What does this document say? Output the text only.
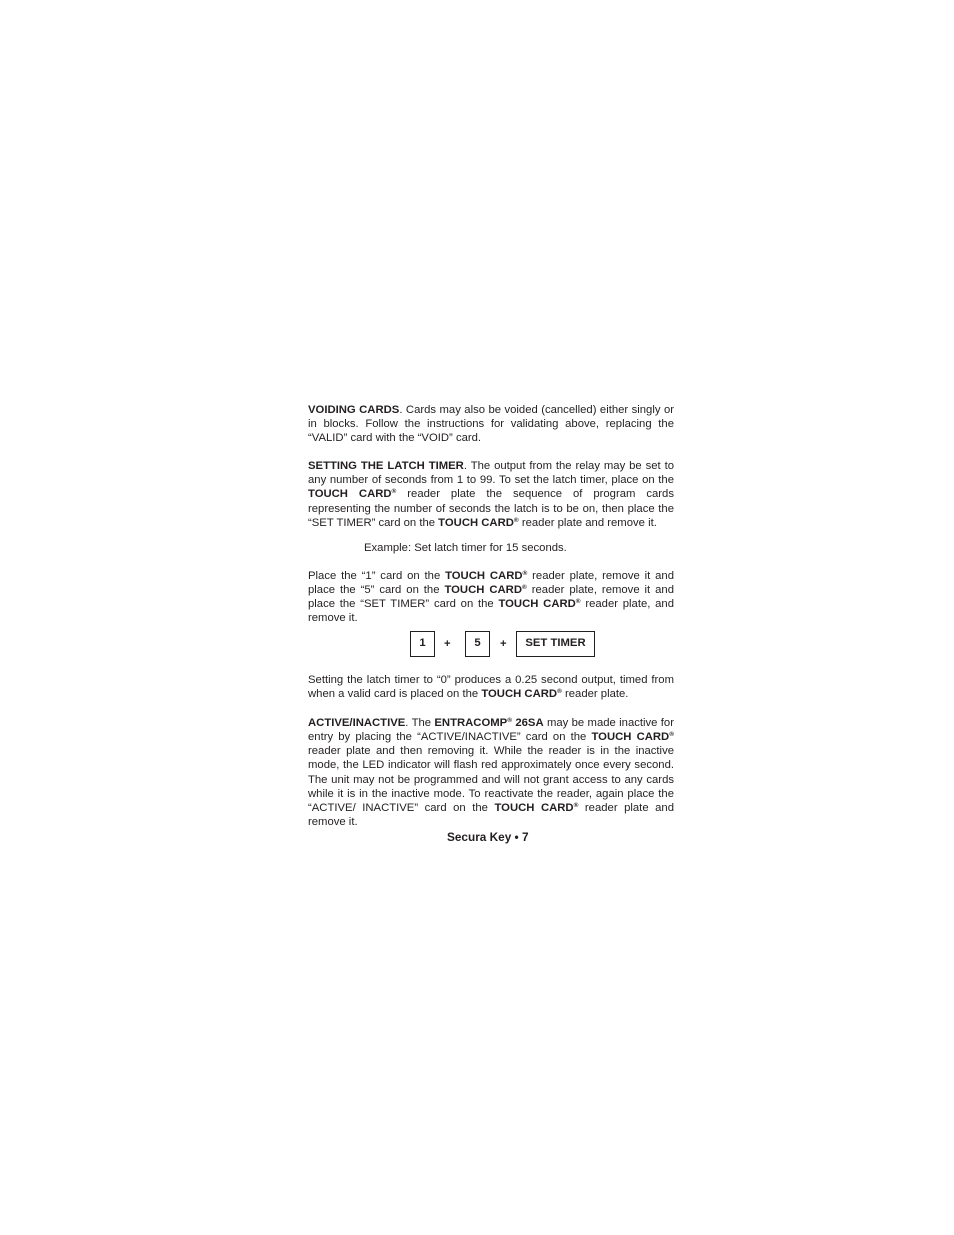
VOIDING CARDS. Cards may also be voided (cancelled) either singly or in blocks. Follow the instructions for validating above, replacing the “VALID” card with the “VOID” card.

SETTING THE LATCH TIMER. The output from the relay may be set to any number of seconds from 1 to 99. To set the latch timer, place on the TOUCH CARD® reader plate the sequence of program cards representing the number of seconds the latch is to be on, then place the “SET TIMER” card on the TOUCH CARD® reader plate and remove it.

Example: Set latch timer for 15 seconds.

Place the “1” card on the TOUCH CARD® reader plate, remove it and place the “5” card on the TOUCH CARD® reader plate, remove it and place the “SET TIMER” card on the TOUCH CARD® reader plate, and remove it.

1	+	5	+	SET TIMER

Setting the latch timer to “0” produces a 0.25 second output, timed from when a valid card is placed on the TOUCH CARD® reader plate.

ACTIVE/INACTIVE. The ENTRACOMP® 26SA may be made inactive for entry by placing the “ACTIVE/INACTIVE” card on the TOUCH CARD® reader plate and then removing it. While the reader is in the inactive mode, the LED indicator will flash red approximately once every second. The unit may not be programmed and will not grant access to any cards while it is in the inactive mode. To reactivate the reader, again place the “ACTIVE/ INACTIVE” card on the TOUCH CARD® reader plate and remove it.

Secura Key • 7
